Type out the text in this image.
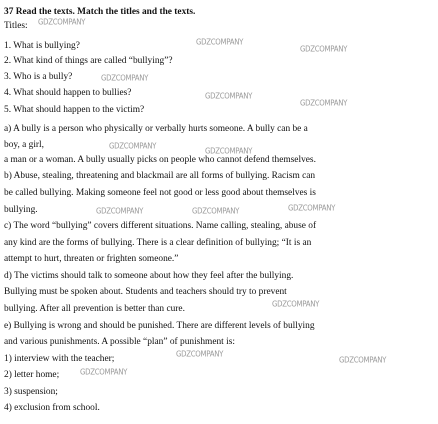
37 Read the texts. Match the titles and the texts.
Titles:
1. What is bullying?
2. What kind of things are called “bullying”?
3. Who is a bully?
4. What should happen to bullies?
5. What should happen to the victim?
a) A bully is a person who physically or verbally hurts someone. A bully can be a
boy, a girl,
a man or a woman. A bully usually picks on people who cannot defend themselves.
b) Abuse, stealing, threatening and blackmail are all forms of bullying. Racism can
be called bullying. Making someone feel not good or less good about themselves is
bullying.
c) The word “bullying” covers different situations. Name calling, stealing, abuse of
any kind are the forms of bullying. There is a clear definition of bullying; “It is an
attempt to hurt, threaten or frighten someone.”
d) The victims should talk to someone about how they feel after the bullying.
Bullying must be spoken about. Students and teachers should try to prevent
bullying. After all prevention is better than cure.
e) Bullying is wrong and should be punished. There are different levels of bullying
and various punishments. A possible “plan” of punishment is:
1) interview with the teacher;
2) letter home;
3) suspension;
4) exclusion from school.
GDZCOMPANY
GDZCOMPANY
GDZCOMPANY
GDZCOMPANY
GDZCOMPANY
GDZCOMPANY
GDZCOMPANY
GDZCOMPANY
GDZCOMPANY	GDZCOMPANY	GDZCOMPANY
GDZCOMPANY
GDZCOMPANY
GDZCOMPANY
GDZCOMPANY
